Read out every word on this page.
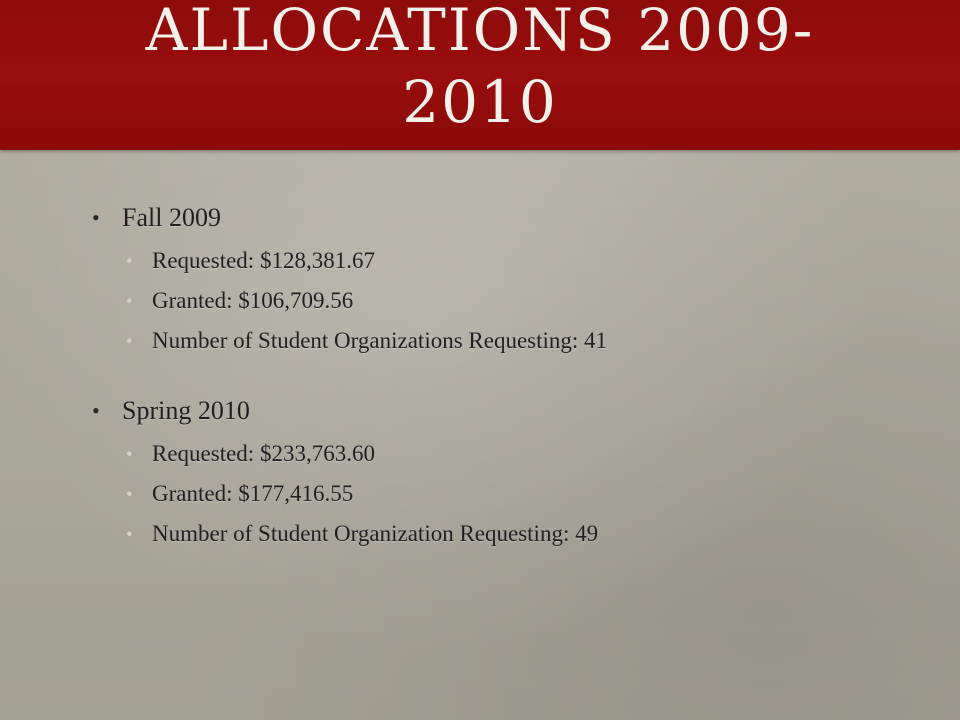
ALLOCATIONS 2009-
2010
• Fall 2009
• Requested: $128,381.67
• Granted: $106,709.56
• Number of Student Organizations Requesting: 41
• Spring 2010
• Requested: $233,763.60
• Granted: $177,416.55
• Number of Student Organization Requesting: 49
